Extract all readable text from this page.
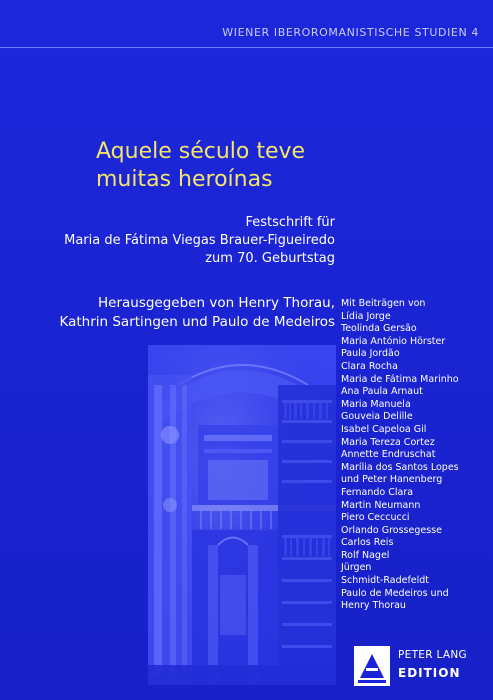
WIENER IBEROROMANISTISCHE STUDIEN 4
Aquele século teve
muitas heroínas
Festschrift für
Maria de Fátima Viegas Brauer-Figueiredo
zum 70. Geburtstag
Herausgegeben von Henry Thorau,
Kathrin Sartingen und Paulo de Medeiros
Mit Beiträgen von
Lídia Jorge
Teolinda Gersão
Maria António Hörster
Paula Jordão
Clara Rocha
Maria de Fátima Marinho
Ana Paula Arnaut
Maria Manuela
Gouveia Delille
Isabel Capeloa Gil
Maria Tereza Cortez
Annette Endruschat
Marília dos Santos Lopes
und Peter Hanenberg
Fernando Clara
Martin Neumann
Piero Ceccucci
Orlando Grossegesse
Carlos Reis
Rolf Nagel
Jürgen
Schmidt-Radefeldt
Paulo de Medeiros und
Henry Thorau
PETER LANG
EDITION
